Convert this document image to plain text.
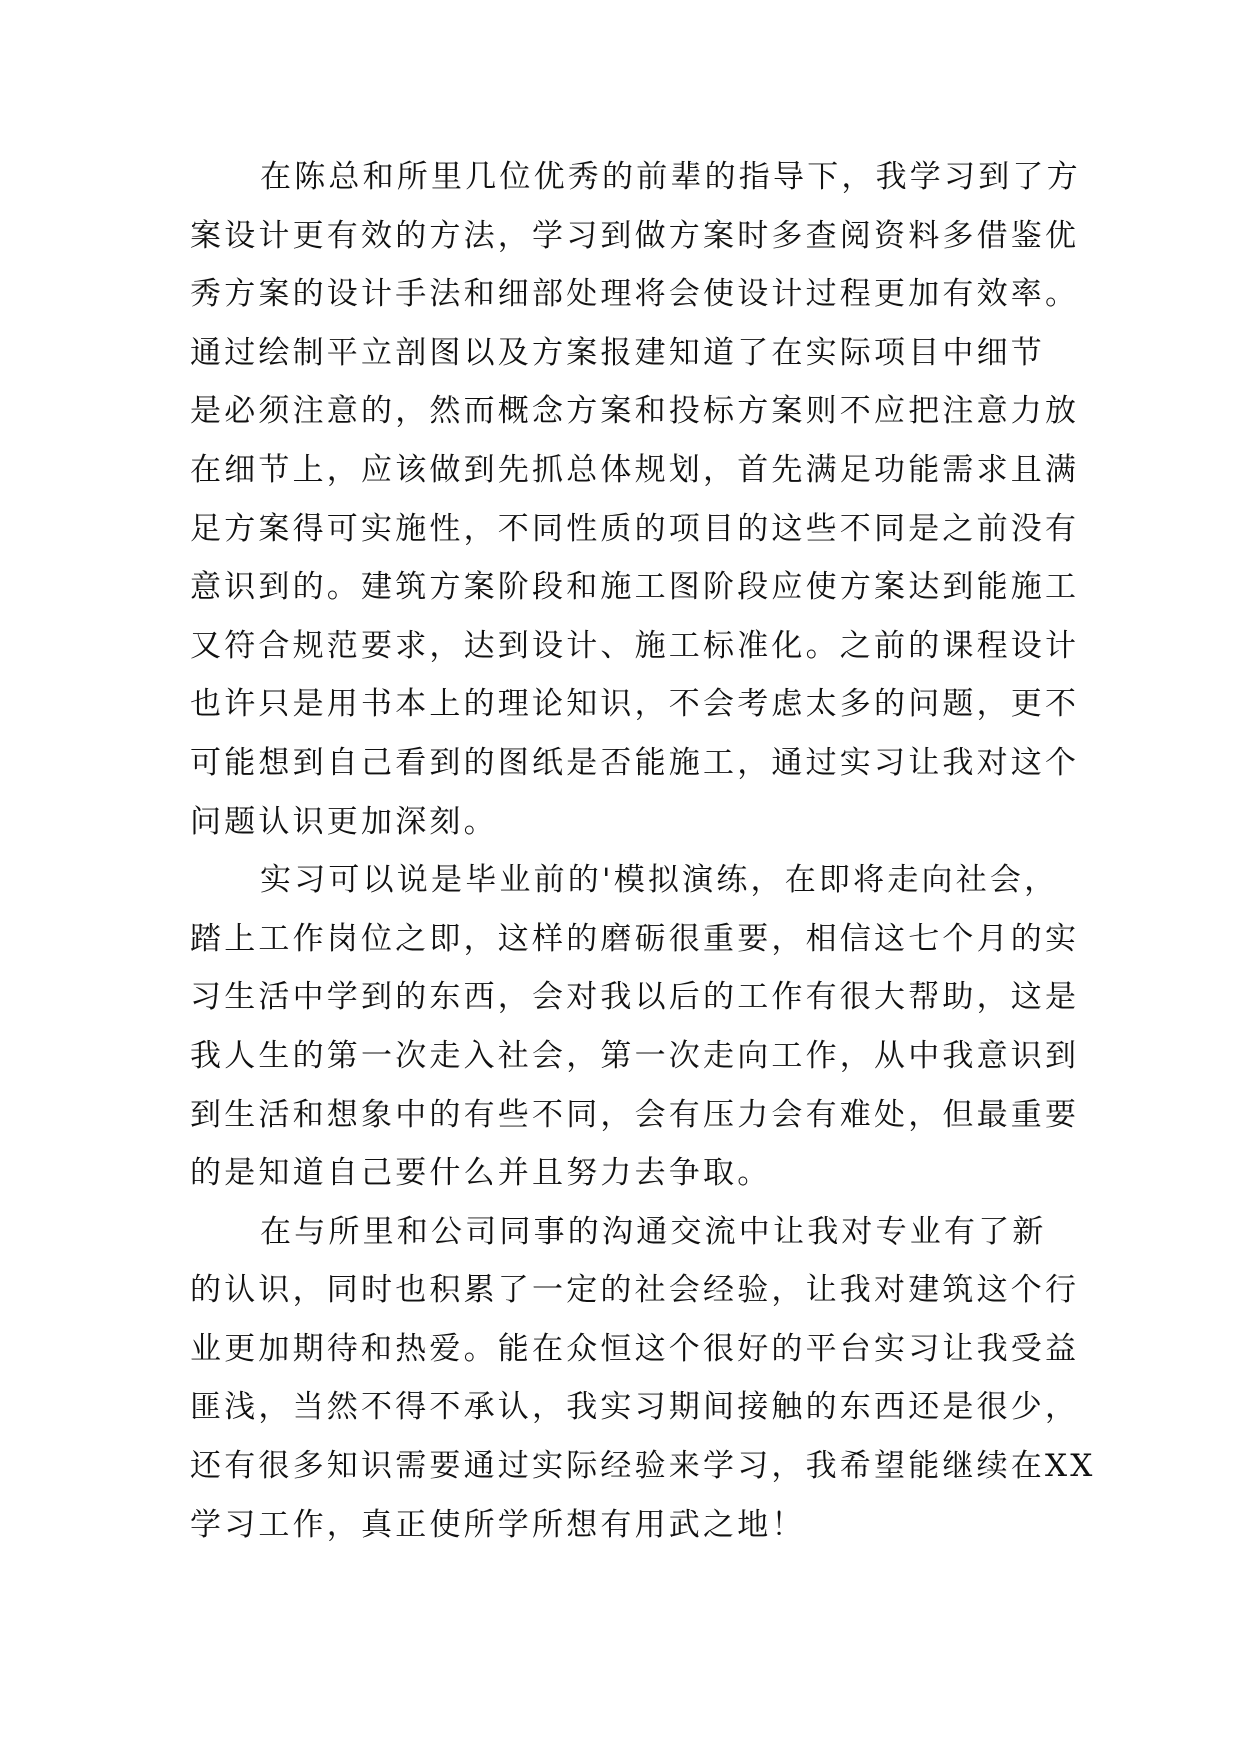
在陈总和所里几位优秀的前辈的指导下，我学习到了方
案设计更有效的方法，学习到做方案时多查阅资料多借鉴优
秀方案的设计手法和细部处理将会使设计过程更加有效率。
通过绘制平立剖图以及方案报建知道了在实际项目中细节
是必须注意的，然而概念方案和投标方案则不应把注意力放
在细节上，应该做到先抓总体规划，首先满足功能需求且满
足方案得可实施性，不同性质的项目的这些不同是之前没有
意识到的。建筑方案阶段和施工图阶段应使方案达到能施工
又符合规范要求，达到设计、施工标准化。之前的课程设计
也许只是用书本上的理论知识，不会考虑太多的问题，更不
可能想到自己看到的图纸是否能施工，通过实习让我对这个
问题认识更加深刻。
实习可以说是毕业前的'模拟演练，在即将走向社会，
踏上工作岗位之即，这样的磨砺很重要，相信这七个月的实
习生活中学到的东西，会对我以后的工作有很大帮助，这是
我人生的第一次走入社会，第一次走向工作，从中我意识到
到生活和想象中的有些不同，会有压力会有难处，但最重要
的是知道自己要什么并且努力去争取。
在与所里和公司同事的沟通交流中让我对专业有了新
的认识，同时也积累了一定的社会经验，让我对建筑这个行
业更加期待和热爱。能在众恒这个很好的平台实习让我受益
匪浅，当然不得不承认，我实习期间接触的东西还是很少，
还有很多知识需要通过实际经验来学习，我希望能继续在XX
学习工作，真正使所学所想有用武之地！
